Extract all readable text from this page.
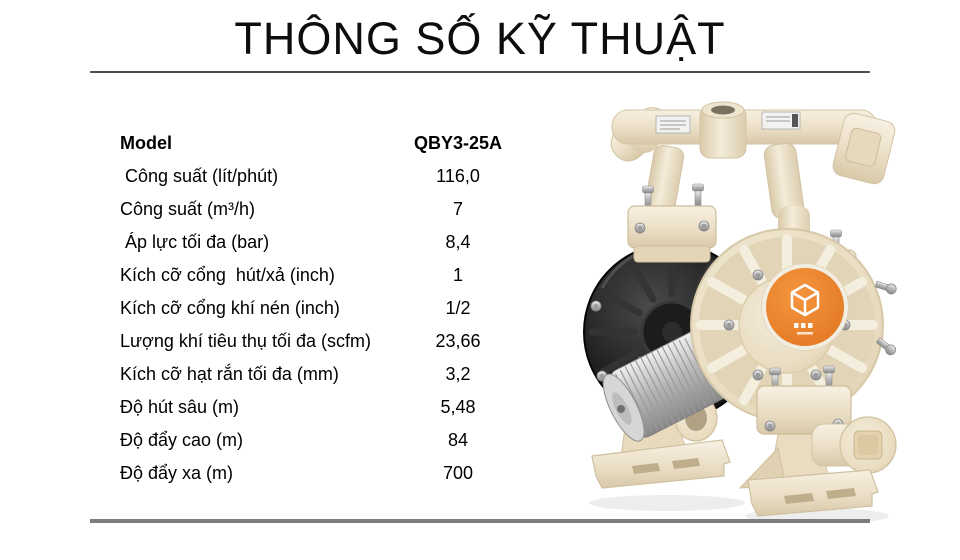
THÔNG SỐ KỸ THUẬT
Model	QBY3-25A
Công suất (lít/phút)	116,0
Công suất (m³/h)	7
Áp lực tối đa (bar)	8,4
Kích cỡ cổng  hút/xả (inch)	1
Kích cỡ cổng khí nén (inch)	1/2
Lượng khí tiêu thụ tối đa (scfm)	23,66
Kích cỡ hạt rắn tối đa (mm)	3,2
Độ hút sâu (m)	5,48
Độ đẩy cao (m)	84
Độ đẩy xa (m)	700
